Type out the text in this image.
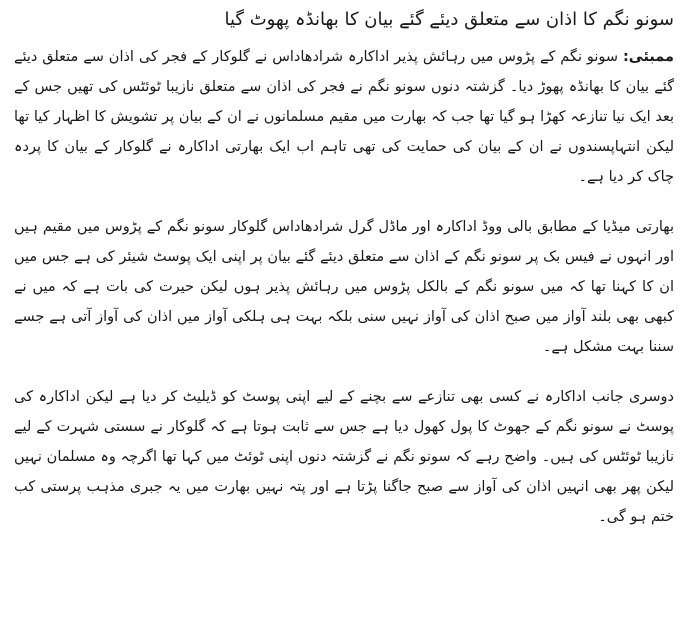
سونو نگم کا اذان سے متعلق دیئے گئے بیان کا بھانڈہ پھوٹ گیا

ممبئی: سونو نگم کے پڑوس میں رہائش پذیر اداکارہ شرادھاداس نے گلوکار کے فجر کی اذان سے متعلق دیئے گئے بیان کا بھانڈہ پھوڑ دیا۔ گزشتہ دنوں سونو نگم نے فجر کی اذان سے متعلق نازیبا ٹوئٹس کی تھیں جس کے بعد ایک نیا تنازعہ کھڑا ہو گیا تھا جب کہ بھارت میں مقیم مسلمانوں نے ان کے بیان پر تشویش کا اظہار کیا تھا لیکن انتہاپسندوں نے ان کے بیان کی حمایت کی تھی تاہم اب ایک بھارتی اداکارہ نے گلوکار کے بیان کا پردہ چاک کر دیا ہے۔

بھارتی میڈیا کے مطابق بالی ووڈ اداکارہ اور ماڈل گرل شرادھاداس گلوکار سونو نگم کے پڑوس میں مقیم ہیں اور انہوں نے فیس بک پر سونو نگم کے اذان سے متعلق دیئے گئے بیان پر اپنی ایک پوسٹ شیئر کی ہے جس میں ان کا کہنا تھا کہ میں سونو نگم کے بالکل پڑوس میں رہائش پذیر ہوں لیکن حیرت کی بات ہے کہ میں نے کبھی بھی بلند آواز میں صبح اذان کی آواز نہیں سنی بلکہ بہت ہی ہلکی آواز میں اذان کی آواز آتی ہے جسے سننا بہت مشکل ہے۔

دوسری جانب اداکارہ نے کسی بھی تنازعے سے بچنے کے لیے اپنی پوسٹ کو ڈیلیٹ کر دیا ہے لیکن اداکارہ کی پوسٹ نے سونو نگم کے جھوٹ کا پول کھول دیا ہے جس سے ثابت ہوتا ہے کہ گلوکار نے سستی شہرت کے لیے نازیبا ٹوئٹس کی ہیں۔ واضح رہے کہ سونو نگم نے گزشتہ دنوں اپنی ٹوئٹ میں کہا تھا اگرچہ وہ مسلمان نہیں لیکن پھر بھی انہیں اذان کی آواز سے صبح جاگنا پڑتا ہے اور پتہ نہیں بھارت میں یہ جبری مذہب پرستی کب ختم ہو گی۔
